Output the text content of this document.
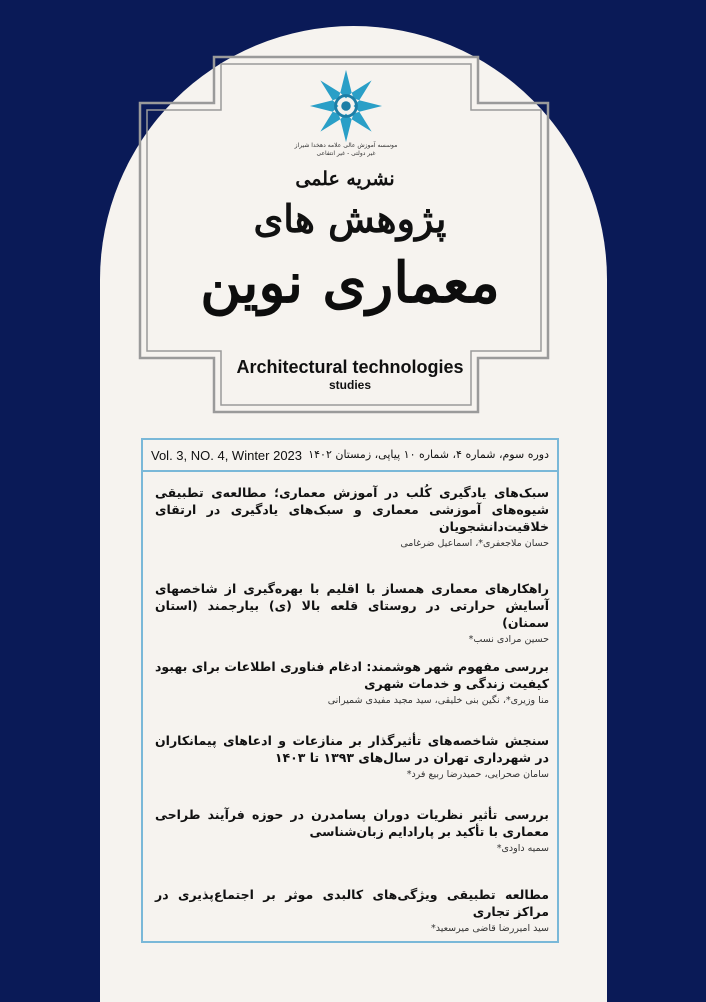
موسسه آموزش عالی علامه دهخدا شیراز
غیر دولتی - غیر انتفاعی
نشریه علمی
پژوهش های
معماری نوین
Architectural technologies
studies
Vol. 3, NO. 4, Winter 2023 دوره سوم، شماره ۴، شماره ۱۰ پیاپی، زمستان ۱۴۰۲
سبک‌های یادگیری کُلب در آموزش معماری؛ مطالعه‌ی تطبیقی شیوه‌های آموزشی معماری و سبک‌های یادگیری در ارتقای خلاقیت‌دانشجویان
حسان ملاجعفری*، اسماعیل ضرغامی
راهکارهای معماری همساز با اقلیم با بهره‌گیری از شاخصهای آسایش حرارتی در روستای قلعه بالا (ی) بیارجمند (استان سمنان)
حسین مرادی نسب*
بررسی مفهوم شهر هوشمند: ادغام فناوری اطلاعات برای بهبود کیفیت زندگی و خدمات شهری
منا وزیری*، نگین بنی خلیقی، سید مجید مفیدی شمیرانی
سنجش شاخصه‌های تأثیرگذار بر منازعات و ادعاهای پیمانکاران در شهرداری تهران در سال‌های ۱۳۹۳ تا ۱۴۰۳
سامان صحرایی، حمیدرضا ربیع فرد*
بررسی تأثیر نظریات دوران پسامدرن در حوزه فرآیند طراحی معماری با تأکید بر پارادایم زبان‌شناسی
سمیه داودی*
مطالعه تطبیقی ویژگی‌های کالبدی موثر بر اجتماع‌پذیری در مراکز تجاری
سید امیررضا قاضی میرسعید*
